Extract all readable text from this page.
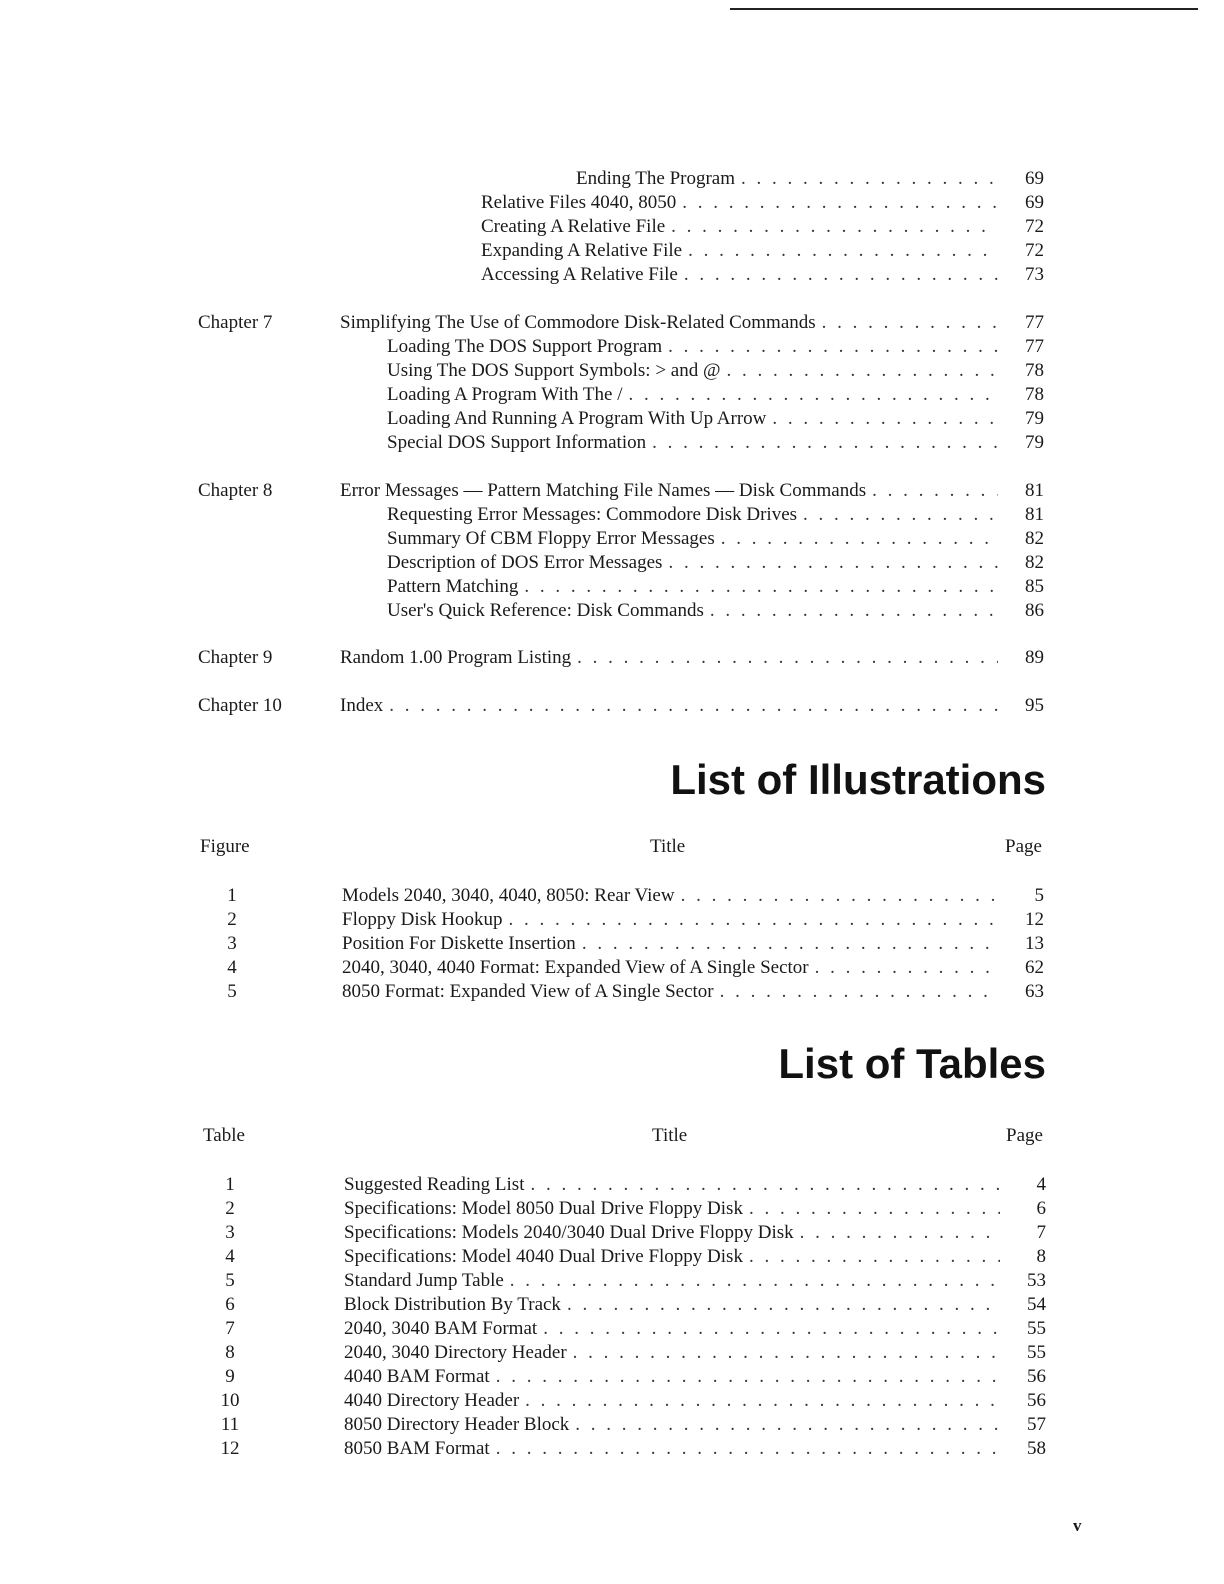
Ending The Program . . .	69
Relative Files 4040, 8050 . . .	69
Creating A Relative File . . .	72
Expanding A Relative File . . .	72
Accessing A Relative File . . .	73
Chapter 7	Simplifying The Use of Commodore Disk-Related Commands . . .	77
Loading The DOS Support Program . . .	77
Using The DOS Support Symbols: > and @ . . .	78
Loading A Program With The / . . .	78
Loading And Running A Program With Up Arrow . . .	79
Special DOS Support Information . . .	79
Chapter 8	Error Messages — Pattern Matching File Names — Disk Commands . . .	81
Requesting Error Messages: Commodore Disk Drives . . .	81
Summary Of CBM Floppy Error Messages . . .	82
Description of DOS Error Messages . . .	82
Pattern Matching . . .	85
User's Quick Reference: Disk Commands . . .	86
Chapter 9	Random 1.00 Program Listing . . .	89
Chapter 10	Index . . .	95
List of Illustrations
Figure	Title	Page
1	Models 2040, 3040, 4040, 8050: Rear View . . .	5
2	Floppy Disk Hookup . . .	12
3	Position For Diskette Insertion . . .	13
4	2040, 3040, 4040 Format: Expanded View of A Single Sector . . .	62
5	8050 Format: Expanded View of A Single Sector . . .	63
List of Tables
Table	Title	Page
1	Suggested Reading List . . .	4
2	Specifications: Model 8050 Dual Drive Floppy Disk . . .	6
3	Specifications: Models 2040/3040 Dual Drive Floppy Disk . . .	7
4	Specifications: Model 4040 Dual Drive Floppy Disk . . .	8
5	Standard Jump Table . . .	53
6	Block Distribution By Track . . .	54
7	2040, 3040 BAM Format . . .	55
8	2040, 3040 Directory Header . . .	55
9	4040 BAM Format . . .	56
10	4040 Directory Header . . .	56
11	8050 Directory Header Block . . .	57
12	8050 BAM Format . . .	58
v
